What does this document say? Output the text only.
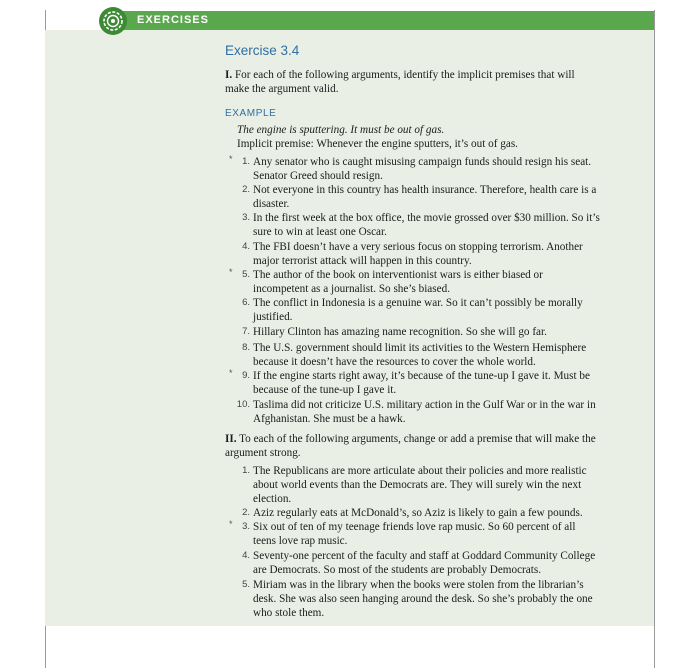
EXERCISES
Exercise 3.4
I. For each of the following arguments, identify the implicit premises that will make the argument valid.
EXAMPLE
The engine is sputtering. It must be out of gas.
Implicit premise: Whenever the engine sputters, it’s out of gas.
*	1. Any senator who is caught misusing campaign funds should resign his seat. Senator Greed should resign.
2. Not everyone in this country has health insurance. Therefore, health care is a disaster.
3. In the first week at the box office, the movie grossed over $30 million. So it’s sure to win at least one Oscar.
4. The FBI doesn’t have a very serious focus on stopping terrorism. Another major terrorist attack will happen in this country.
*	5. The author of the book on interventionist wars is either biased or incompetent as a journalist. So she’s biased.
6. The conflict in Indonesia is a genuine war. So it can’t possibly be morally justified.
7. Hillary Clinton has amazing name recognition. So she will go far.
8. The U.S. government should limit its activities to the Western Hemisphere because it doesn’t have the resources to cover the whole world.
*	9. If the engine starts right away, it’s because of the tune-up I gave it. Must be because of the tune-up I gave it.
10. Taslima did not criticize U.S. military action in the Gulf War or in the war in Afghanistan. She must be a hawk.
II. To each of the following arguments, change or add a premise that will make the argument strong.
1. The Republicans are more articulate about their policies and more realistic about world events than the Democrats are. They will surely win the next election.
2. Aziz regularly eats at McDonald’s, so Aziz is likely to gain a few pounds.
*	3. Six out of ten of my teenage friends love rap music. So 60 percent of all teens love rap music.
4. Seventy-one percent of the faculty and staff at Goddard Community College are Democrats. So most of the students are probably Democrats.
5. Miriam was in the library when the books were stolen from the librarian’s desk. She was also seen hanging around the desk. So she’s probably the one who stole them.
